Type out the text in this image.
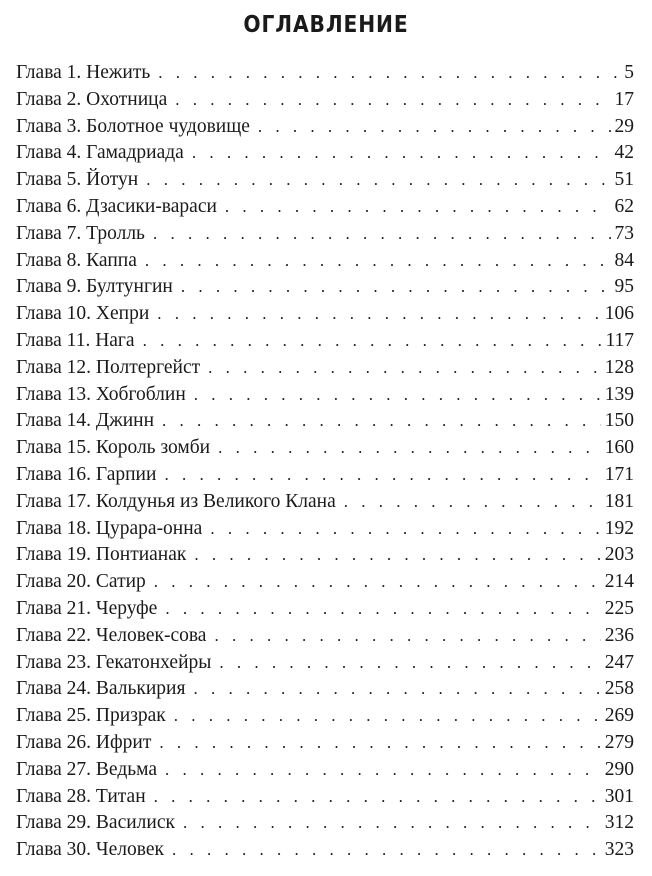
ОГЛАВЛЕНИЕ
Глава 1. Нежить . . .	5
Глава 2. Охотница . . .	17
Глава 3. Болотное чудовище . . .	29
Глава 4. Гамадриада . . .	42
Глава 5. Йотун . . .	51
Глава 6. Дзасики-вараси . . .	62
Глава 7. Тролль . . .	73
Глава 8. Каппа . . .	84
Глава 9. Бултунгин . . .	95
Глава 10. Хепри . . .	106
Глава 11. Нага . . .	117
Глава 12. Полтергейст . . .	128
Глава 13. Хобгоблин . . .	139
Глава 14. Джинн . . .	150
Глава 15. Король зомби . . .	160
Глава 16. Гарпии . . .	171
Глава 17. Колдунья из Великого Клана . . .	181
Глава 18. Цурара-онна . . .	192
Глава 19. Понтианак . . .	203
Глава 20. Сатир . . .	214
Глава 21. Черуфе . . .	225
Глава 22. Человек-сова . . .	236
Глава 23. Гекатонхейры . . .	247
Глава 24. Валькирия . . .	258
Глава 25. Призрак . . .	269
Глава 26. Ифрит . . .	279
Глава 27. Ведьма . . .	290
Глава 28. Титан . . .	301
Глава 29. Василиск . . .	312
Глава 30. Человек . . .	323
